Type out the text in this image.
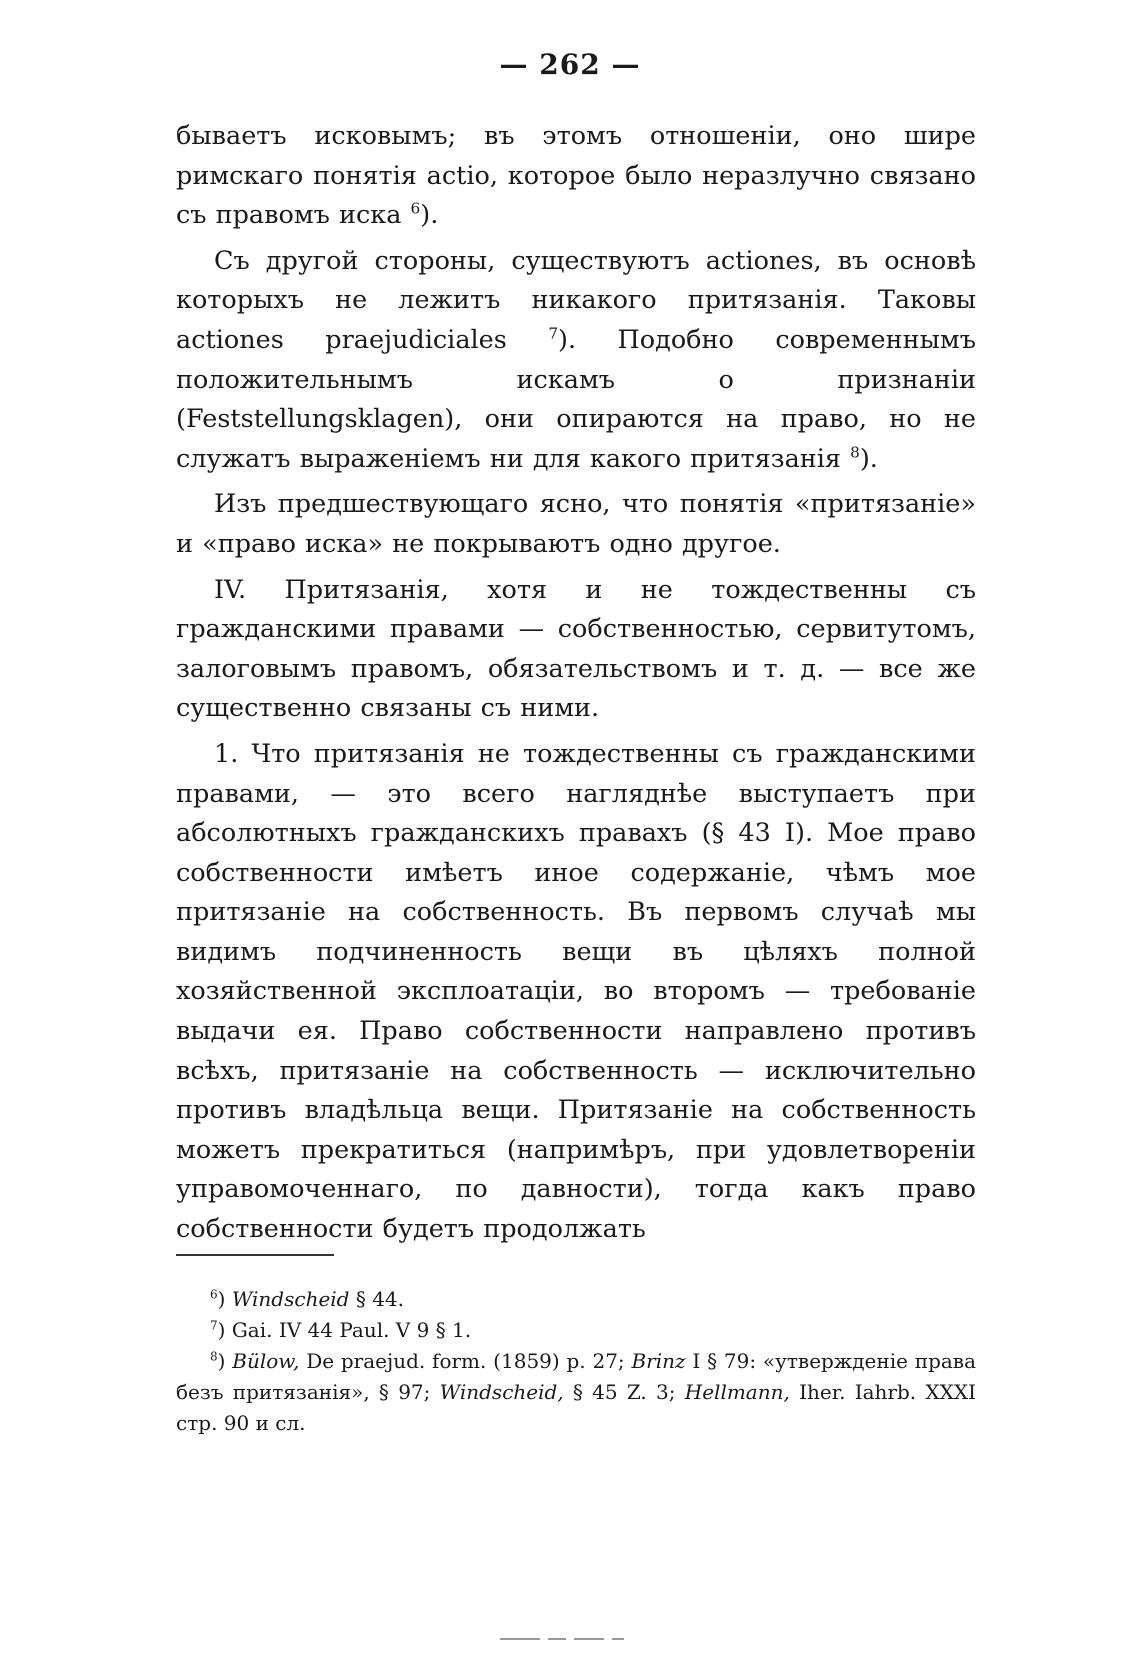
— 262 —

бываетъ исковымъ; въ этомъ отношеніи, оно шире римскаго понятія actio, которое было неразлучно связано съ правомъ иска $^6$).

Съ другой стороны, существуютъ actiones, въ основѣ которыхъ не лежитъ никакого притязанія. Таковы actiones praejudiciales	$^7$). Подобно современнымъ положительнымъ искамъ о признаніи (Feststellungsklagen), они опираются на право, но не служатъ выраженіемъ ни для какого притязанія $^8$).

Изъ предшествующаго ясно, что понятія «притязаніе» и «право иска» не покрываютъ одно другое.

IV. Притязанія, хотя и не тождественны съ гражданскими правами — собственностью, сервитутомъ, залоговымъ правомъ, обязательствомъ и т. д. — все же существенно связаны съ ними.

1. Что притязанія не тождественны съ гражданскими правами, — это всего нагляднѣе выступаетъ при абсолютныхъ гражданскихъ правахъ (§ 43 I). Мое право собственности имѣетъ иное содержаніе, чѣмъ мое притязаніе на собственность. Въ первомъ случаѣ мы видимъ подчиненность вещи въ цѣляхъ полной хозяйственной эксплоатаціи, во второмъ — требованіе выдачи ея. Право собственности направлено противъ всѣхъ, притязаніе на собственность — исключительно противъ владѣльца вещи. Притязаніе на собственность можетъ прекратиться (напримѣръ, при удовлетвореніи управомоченнаго, по давности), тогда какъ право собственности будетъ продолжать

$^6$) Windscheid § 44.

$^7$) Gai. IV 44 Paul. V 9 § 1.

$^8$) Bülow, De praejud. form. (1859) p. 27; Brinz I § 79: «утвержденіе права безъ притязанія», § 97; Windscheid, § 45 Z. 3; Hellmann, Iher. Iahrb. XXXI стр. 90 и сл.
